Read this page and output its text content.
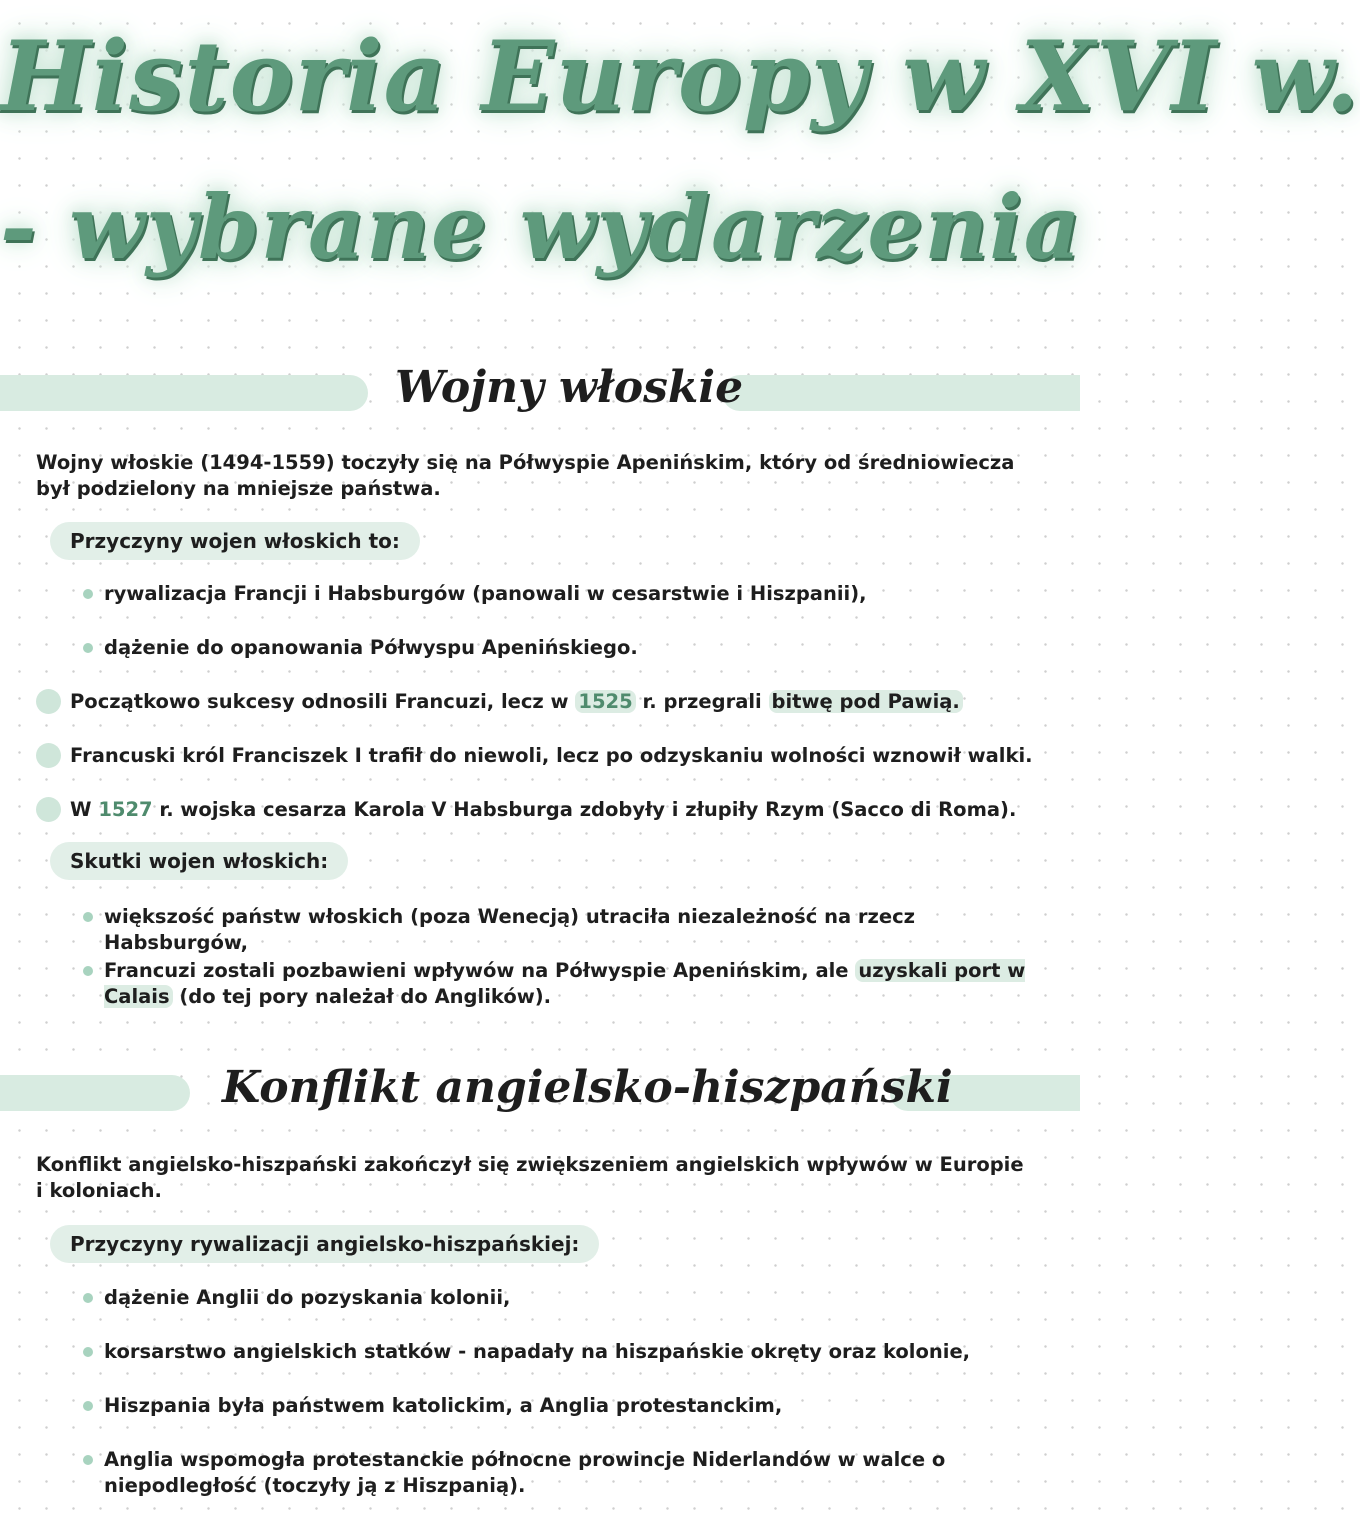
Historia Europy w XVI w.
- wybrane wydarzenia
Wojny włoskie

Wojny włoskie (1494-1559) toczyły się na Półwyspie Apenińskim, który od średniowiecza był podzielony na mniejsze państwa.

Przyczyny wojen włoskich to:

rywalizacja Francji i Habsburgów (panowali w cesarstwie i Hiszpanii),

dążenie do opanowania Półwyspu Apenińskiego.

Początkowo sukcesy odnosili Francuzi, lecz w 1525 r. przegrali bitwę pod Pawią.

Francuski król Franciszek I trafił do niewoli, lecz po odzyskaniu wolności wznowił walki.

W 1527 r. wojska cesarza Karola V Habsburga zdobyły i złupiły Rzym (Sacco di Roma).

Skutki wojen włoskich:

większość państw włoskich (poza Wenecją) utraciła niezależność na rzecz Habsburgów,

Francuzi zostali pozbawieni wpływów na Półwyspie Apenińskim, ale uzyskali port w Calais (do tej pory należał do Anglików).

Konflikt angielsko-hiszpański

Konflikt angielsko-hiszpański zakończył się zwiększeniem angielskich wpływów w Europie i koloniach.

Przyczyny rywalizacji angielsko-hiszpańskiej:

dążenie Anglii do pozyskania kolonii,

korsarstwo angielskich statków - napadały na hiszpańskie okręty oraz kolonie,

Hiszpania była państwem katolickim, a Anglia protestanckim,

Anglia wspomogła protestanckie północne prowincje Niderlandów w walce o niepodległość (toczyły ją z Hiszpanią).
